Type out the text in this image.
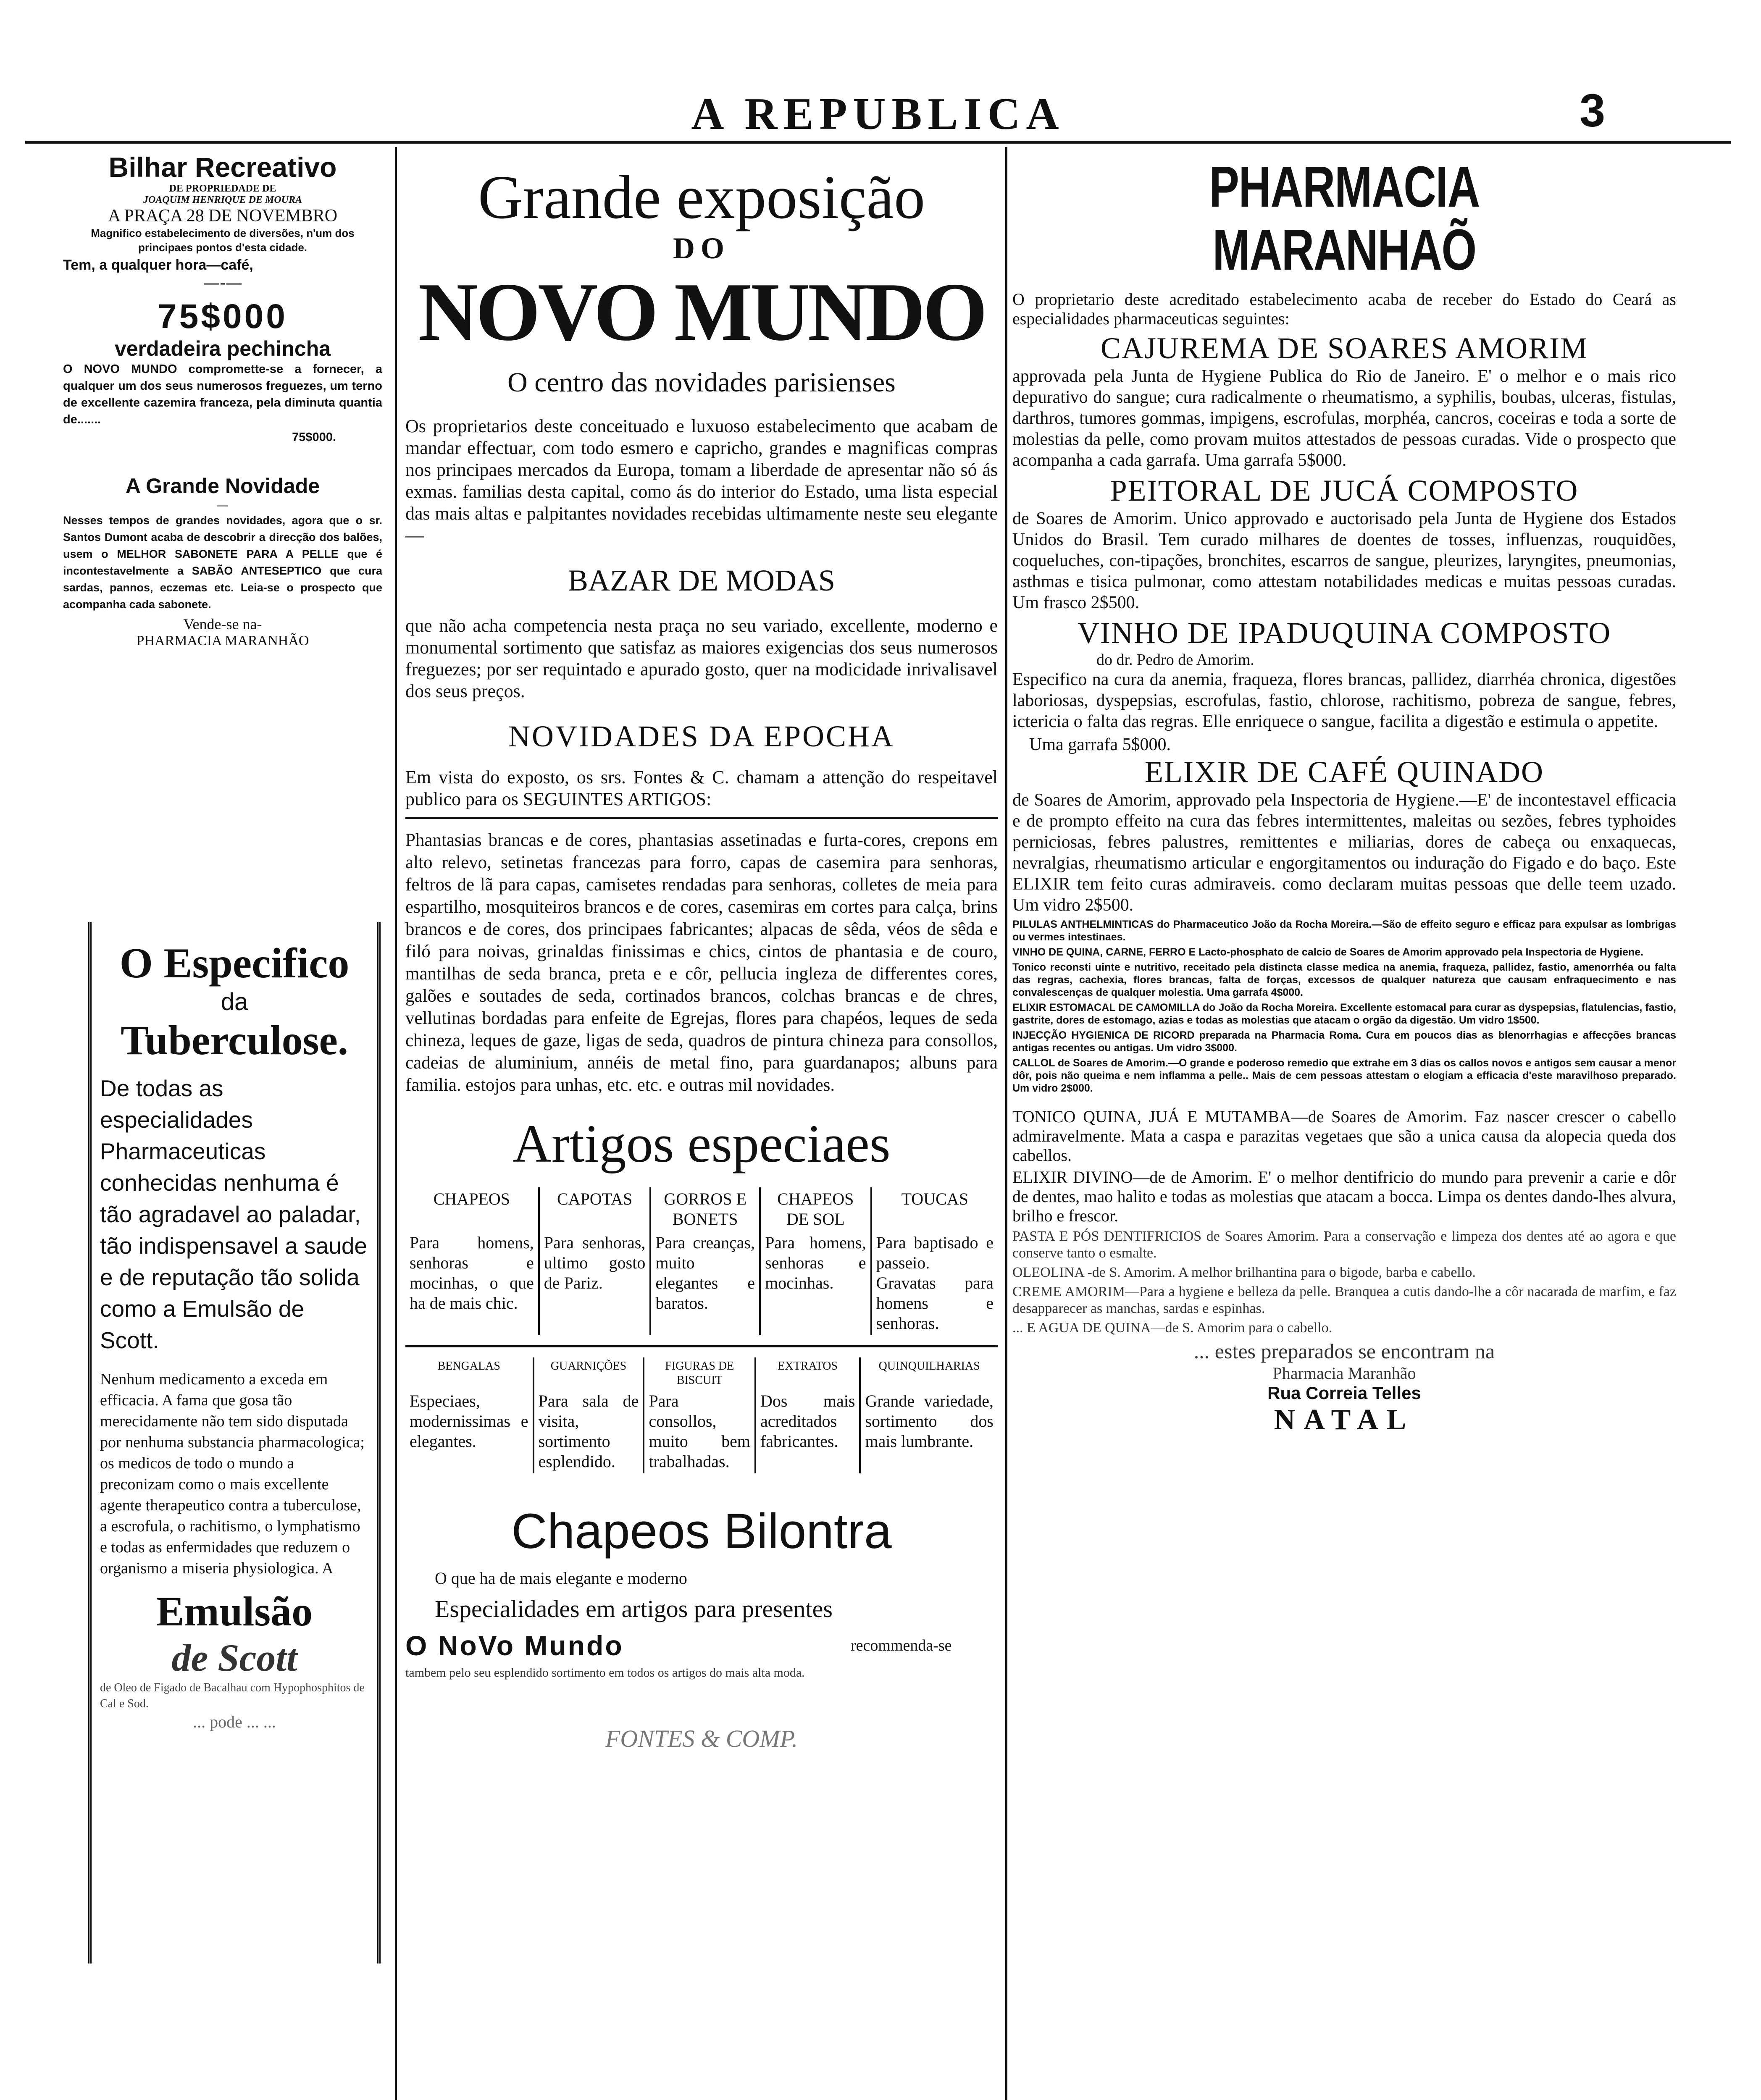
A REPUBLICA	3
Bilhar Recreativo
DE PROPRIEDADE DE
JOAQUIM HENRIQUE DE MOURA
A PRAÇA 28 DE NOVEMBRO

Magnifico estabelecimento de diversões, n'um dos principaes pontos d'esta cidade.

Tem, a qualquer hora—café,
—‑—
75$000
verdadeira pechincha

O NOVO MUNDO compromette-se a fornecer, a qualquer um dos seus numerosos freguezes, um terno de excellente cazemira franceza, pela diminuta quantia de.......

75$000.
A Grande Novidade
—

Nesses tempos de grandes novidades, agora que o sr. Santos Dumont acaba de descobrir a direcção dos balões, usem o MELHOR SABONETE PARA A PELLE que é incontestavelmente a SABÃO ANTESEPTICO que cura sardas, pannos, eczemas etc. Leia-se o prospecto que acompanha cada sabonete.

Vende-se na-
PHARMACIA MARANHÃO
O Especifico
da
Tuberculose.

De todas as especialidades Pharmaceuticas conhecidas nenhuma é tão agradavel ao paladar, tão indispensavel a saude e de reputação tão solida como a Emulsão de Scott.

Nenhum medicamento a exceda em efficacia. A fama que gosa tão merecidamente não tem sido disputada por nenhuma substancia pharmacologica; os medicos de todo o mundo a preconizam como o mais excellente agente therapeutico contra a tuberculose, a escrofula, o rachitismo, o lymphatismo e todas as enfermidades que reduzem o organismo a miseria physiologica. A

Emulsão
de Scott

de Oleo de Figado de Bacalhau com Hypophosphitos de Cal e Sod.

... pode ... ...

Grande exposição
DO
NOVO MUNDO
O centro das novidades parisienses

Os proprietarios deste conceituado e luxuoso estabelecimento que acabam de mandar effectuar, com todo esmero e capricho, grandes e magnificas compras nos principaes mercados da Europa, tomam a liberdade de apresentar não só ás exmas. familias desta capital, como ás do interior do Estado, uma lista especial das mais altas e palpitantes novidades recebidas ultimamente neste seu elegante—

BAZAR DE MODAS

que não acha competencia nesta praça no seu variado, excellente, moderno e monumental sortimento que satisfaz as maiores exigencias dos seus numerosos freguezes; por ser requintado e apurado gosto, quer na modicidade inrivalisavel dos seus preços.

NOVIDADES DA EPOCHA

Em vista do exposto, os srs. Fontes & C. chamam a attenção do respeitavel publico para os SEGUINTES ARTIGOS:

Phantasias brancas e de cores, phantasias assetinadas e furta-cores, crepons em alto relevo, setinetas francezas para forro, capas de casemira para senhoras, feltros de lã para capas, camisetes rendadas para senhoras, colletes de meia para espartilho, mosquiteiros brancos e de cores, casemiras em cortes para calça, brins brancos e de cores, dos principaes fabricantes; alpacas de sêda, véos de sêda e filó para noivas, grinaldas finissimas e chics, cintos de phantasia e de couro, mantilhas de seda branca, preta e e côr, pellucia ingleza de differentes cores, galões e soutades de seda, cortinados brancos, colchas brancas e de chres, vellutinas bordadas para enfeite de Egrejas, flores para chapéos, leques de seda chineza, leques de gaze, ligas de seda, quadros de pintura chineza para consollos, cadeias de aluminium, annéis de metal fino, para guardanapos; albuns para familia. estojos para unhas, etc. etc. e outras mil novidades.

Artigos especiaes
CHAPEOS	CAPOTAS	GORROS E BONETS	CHAPEOS DE SOL	TOUCAS
Para homens, senhoras e mocinhas, o que ha de mais chic.	Para senhoras, ultimo gosto de Pariz.	Para creanças, muito elegantes e baratos.	Para homens, senhoras e mocinhas.	Para baptisado e passeio. Gravatas para homens e senhoras.
BENGALAS	GUARNIÇÕES	FIGURAS DE BISCUIT	EXTRATOS	QUINQUILHARIAS
Especiaes, modernissimas e elegantes.	Para sala de visita, sortimento esplendido.	Para consollos, muito bem trabalhadas.	Dos mais acreditados fabricantes.	Grande variedade, sortimento dos mais lumbrante.
Chapeos Bilontra
O que ha de mais elegante e moderno
Especialidades em artigos para presentes
O NoVo Mundo	recommenda-se

tambem pelo seu esplendido sortimento em todos os artigos do mais alta moda.

FONTES & COMP.
PHARMACIA MARANHAÕ

O proprietario deste acreditado estabelecimento acaba de receber do Estado do Ceará as especialidades pharmaceuticas seguintes:

CAJUREMA DE SOARES AMORIM

approvada pela Junta de Hygiene Publica do Rio de Janeiro. E' o melhor e o mais rico depurativo do sangue; cura radicalmente o rheumatismo, a syphilis, boubas, ulceras, fistulas, darthros, tumores gommas, impigens, escrofulas, morphéa, cancros, coceiras e toda a sorte de molestias da pelle, como provam muitos attestados de pessoas curadas. Vide o prospecto que acompanha a cada garrafa. Uma garrafa 5$000.

PEITORAL DE JUCÁ COMPOSTO

de Soares de Amorim. Unico approvado e auctorisado pela Junta de Hygiene dos Estados Unidos do Brasil. Tem curado milhares de doentes de tosses, influenzas, rouquidões, coqueluches, con-tipações, bronchites, escarros de sangue, pleurizes, laryngites, pneumonias, asthmas e tisica pulmonar, como attestam notabilidades medicas e muitas pessoas curadas. Um frasco 2$500.

VINHO DE IPADUQUINA COMPOSTO
do dr. Pedro de Amorim.

Especifico na cura da anemia, fraqueza, flores brancas, pallidez, diarrhéa chronica, digestões laboriosas, dyspepsias, escrofulas, fastio, chlorose, rachitismo, pobreza de sangue, febres, ictericia o falta das regras. Elle enriquece o sangue, facilita a digestão e estimula o appetite.

Uma garrafa 5$000.
ELIXIR DE CAFÉ QUINADO

de Soares de Amorim, approvado pela Inspectoria de Hygiene.—E' de incontestavel efficacia e de prompto effeito na cura das febres intermittentes, maleitas ou sezões, febres typhoides perniciosas, febres palustres, remittentes e miliarias, dores de cabeça ou enxaquecas, nevralgias, rheumatismo articular e engorgitamentos ou induração do Figado e do baço. Este ELIXIR tem feito curas admiraveis. como declaram muitas pessoas que delle teem uzado. Um vidro 2$500.

PILULAS ANTHELMINTICAS do Pharmaceutico João da Rocha Moreira.—São de effeito seguro e efficaz para expulsar as lombrigas ou vermes intestinaes.

VINHO DE QUINA, CARNE, FERRO E Lacto-phosphato de calcio de Soares de Amorim approvado pela Inspectoria de Hygiene.

Tonico reconsti uinte e nutritivo, receitado pela distincta classe medica na anemia, fraqueza, pallidez, fastio, amenorrhéa ou falta das regras, cachexia, flores brancas, falta de forças, excessos de qualquer natureza que causam enfraquecimento e nas convalescenças de qualquer molestia. Uma garrafa 4$000.

ELIXIR ESTOMACAL DE CAMOMILLA do João da Rocha Moreira. Excellente estomacal para curar as dyspepsias, flatulencias, fastio, gastrite, dores de estomago, azias e todas as molestias que atacam o orgão da digestão. Um vidro 1$500.

INJECÇÃO HYGIENICA DE RICORD preparada na Pharmacia Roma. Cura em poucos dias as blenorrhagias e affecções brancas antigas recentes ou antigas. Um vidro 3$000.

CALLOL de Soares de Amorim.—O grande e poderoso remedio que extrahe em 3 dias os callos novos e antigos sem causar a menor dôr, pois não queima e nem inflamma a pelle.. Mais de cem pessoas attestam o elogiam a efficacia d'este maravilhoso preparado. Um vidro 2$000.

TONICO QUINA, JUÁ E MUTAMBA—de Soares de Amorim. Faz nascer crescer o cabello admiravelmente. Mata a caspa e parazitas vegetaes que são a unica causa da alopecia queda dos cabellos.

ELIXIR DIVINO—de de Amorim. E' o melhor dentifricio do mundo para prevenir a carie e dôr de dentes, mao halito e todas as molestias que atacam a bocca. Limpa os dentes dando-lhes alvura, brilho e frescor.

PASTA E PÓS DENTIFRICIOS de Soares Amorim. Para a conservação e limpeza dos dentes até ao agora e que conserve tanto o esmalte.

OLEOLINA -de S. Amorim. A melhor brilhantina para o bigode, barba e cabello.

CREME AMORIM—Para a hygiene e belleza da pelle. Branquea a cutis dando-lhe a côr nacarada de marfim, e faz desapparecer as manchas, sardas e espinhas.

... E AGUA DE QUINA—de S. Amorim para o cabello.

... estes preparados se encontram na
Pharmacia Maranhão
Rua Correia Telles
NATAL
